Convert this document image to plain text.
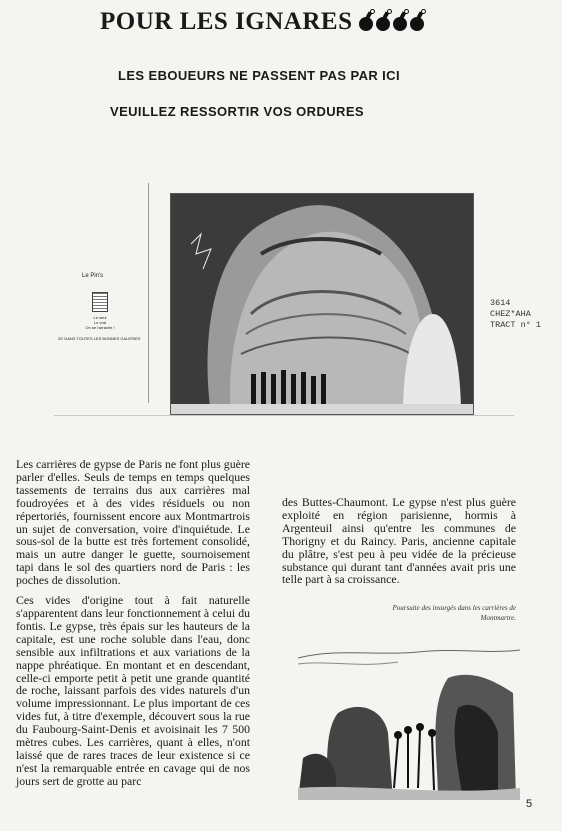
POUR LES IGNARES
LES EBOUEURS NE PASSENT PAS PAR ICI
VEUILLEZ RESSORTIR VOS ORDURES
Le Pin's
Le seul
Le vrai
On se l'arrache !
25' DANS TOUTES LES BONNES GALERIES
3614
CHEZ*AHA
TRACT n° 1

Les carrières de gypse de Paris ne font plus guère parler d'elles. Seuls de temps en temps quelques tassements de terrains dus aux carrières mal foudroyées et à des vides résiduels ou non répertoriés, fournissent encore aux Montmartrois un sujet de conversation, voire d'inquiétude. Le sous-sol de la butte est très fortement consolidé, mais un autre danger le guette, sournoisement tapi dans le sol des quartiers nord de Paris : les poches de dissolution.

Ces vides d'origine tout à fait naturelle s'apparentent dans leur fonctionnement à celui du fontis. Le gypse, très épais sur les hauteurs de la capitale, est une roche soluble dans l'eau, donc sensible aux infiltrations et aux variations de la nappe phréatique. En montant et en descendant, celle-ci emporte petit à petit une grande quantité de roche, laissant parfois des vides naturels d'un volume impressionnant. Le plus important de ces vides fut, à titre d'exemple, découvert sous la rue du Faubourg-Saint-Denis et avoisinait les 7 500 mètres cubes. Les carrières, quant à elles, n'ont laissé que de rares traces de leur existence si ce n'est la remarquable entrée en cavage qui de nos jours sert de grotte au parc

des Buttes-Chaumont. Le gypse n'est plus guère exploité en région parisienne, hormis à Argenteuil ainsi qu'entre les communes de Thorigny et du Raincy. Paris, ancienne capitale du plâtre, s'est peu à peu vidée de la précieuse substance qui durant tant d'années avait pris une telle part à sa croissance.

Poursuite des insurgés dans les carrières de Montmartre.
5
